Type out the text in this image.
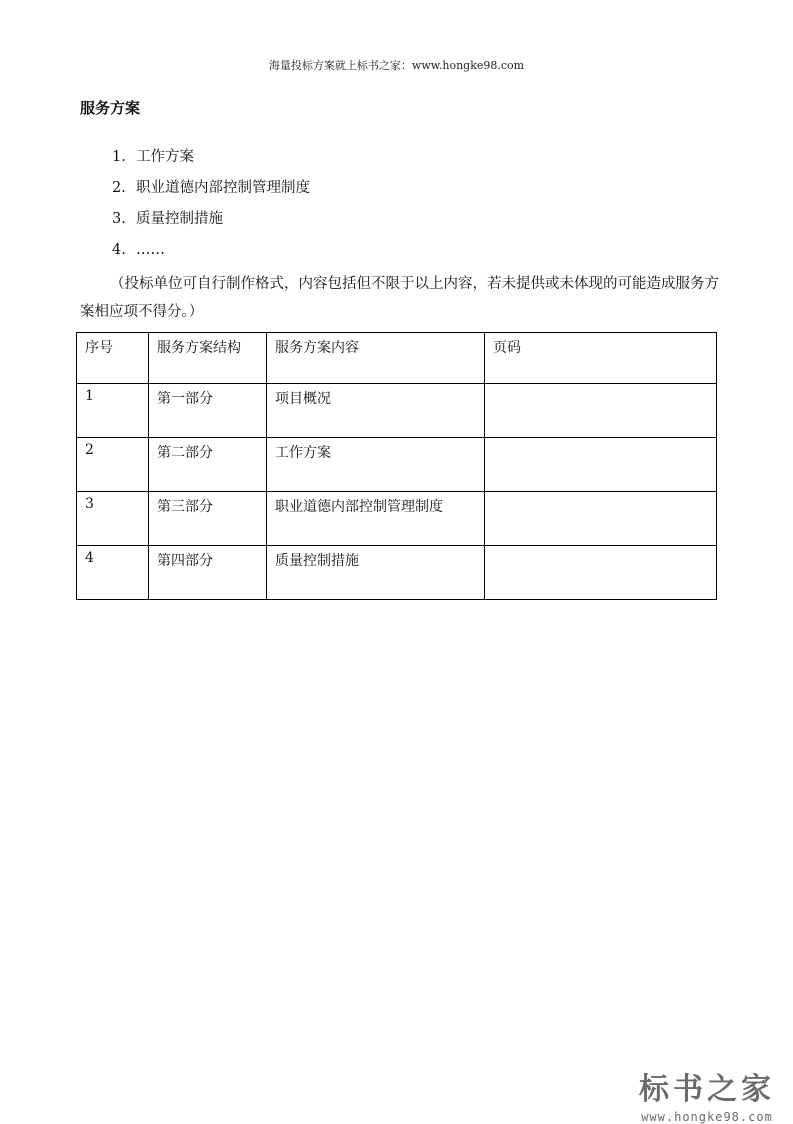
海量投标方案就上标书之家：www.hongke98.com
服务方案
1. 工作方案
2. 职业道德内部控制管理制度
3. 质量控制措施
4. ……
（投标单位可自行制作格式，内容包括但不限于以上内容，若未提供或未体现的可能造成服务方案相应项不得分。）
序号	服务方案结构	服务方案内容	页码
1	第一部分	项目概况	
2	第二部分	工作方案	
3	第三部分	职业道德内部控制管理制度	
4	第四部分	质量控制措施	
标书之家
www.hongke98.com
